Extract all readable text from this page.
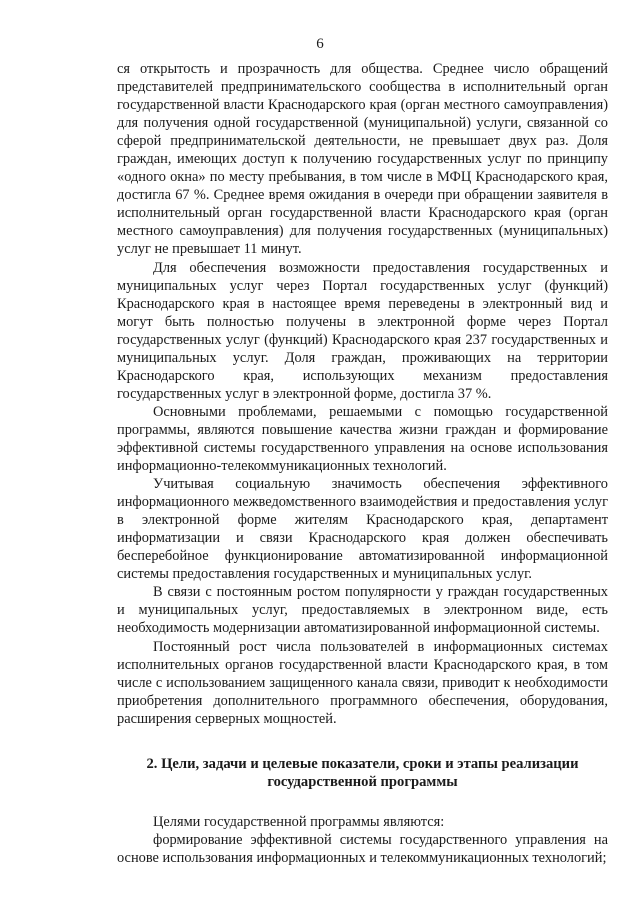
6

ся открытость и прозрачность для общества. Среднее число обращений представителей предпринимательского сообщества в исполнительный орган государственной власти Краснодарского края (орган местного самоуправления) для получения одной государственной (муниципальной) услуги, связанной со сферой предпринимательской деятельности, не превышает двух раз. Доля граждан, имеющих доступ к получению государственных услуг по принципу «одного окна» по месту пребывания, в том числе в МФЦ Краснодарского края, достигла 67 %. Среднее время ожидания в очереди при обращении заявителя в исполнительный орган государственной власти Краснодарского края (орган местного самоуправления) для получения государственных (муниципальных) услуг не превышает 11 минут.

Для обеспечения возможности предоставления государственных и муниципальных услуг через Портал государственных услуг (функций) Краснодарского края в настоящее время переведены в электронный вид и могут быть полностью получены в электронной форме через Портал государственных услуг (функций) Краснодарского края 237 государственных и муниципальных услуг. Доля граждан, проживающих на территории Краснодарского края, использующих механизм предоставления государственных услуг в электронной форме, достигла 37 %.

Основными проблемами, решаемыми с помощью государственной программы, являются повышение качества жизни граждан и формирование эффективной системы государственного управления на основе использования информационно-телекоммуникационных технологий.

Учитывая социальную значимость обеспечения эффективного информационного межведомственного взаимодействия и предоставления услуг в электронной форме жителям Краснодарского края, департамент информатизации и связи Краснодарского края должен обеспечивать бесперебойное функционирование автоматизированной информационной системы предоставления государственных и муниципальных услуг.

В связи с постоянным ростом популярности у граждан государственных и муниципальных услуг, предоставляемых в электронном виде, есть необходимость модернизации автоматизированной информационной системы.

Постоянный рост числа пользователей в информационных системах исполнительных органов государственной власти Краснодарского края, в том числе с использованием защищенного канала связи, приводит к необходимости приобретения дополнительного программного обеспечения, оборудования, расширения серверных мощностей.

2. Цели, задачи и целевые показатели, сроки и этапы реализации
государственной программы

Целями государственной программы являются:

формирование эффективной системы государственного управления на основе использования информационных и телекоммуникационных технологий;
